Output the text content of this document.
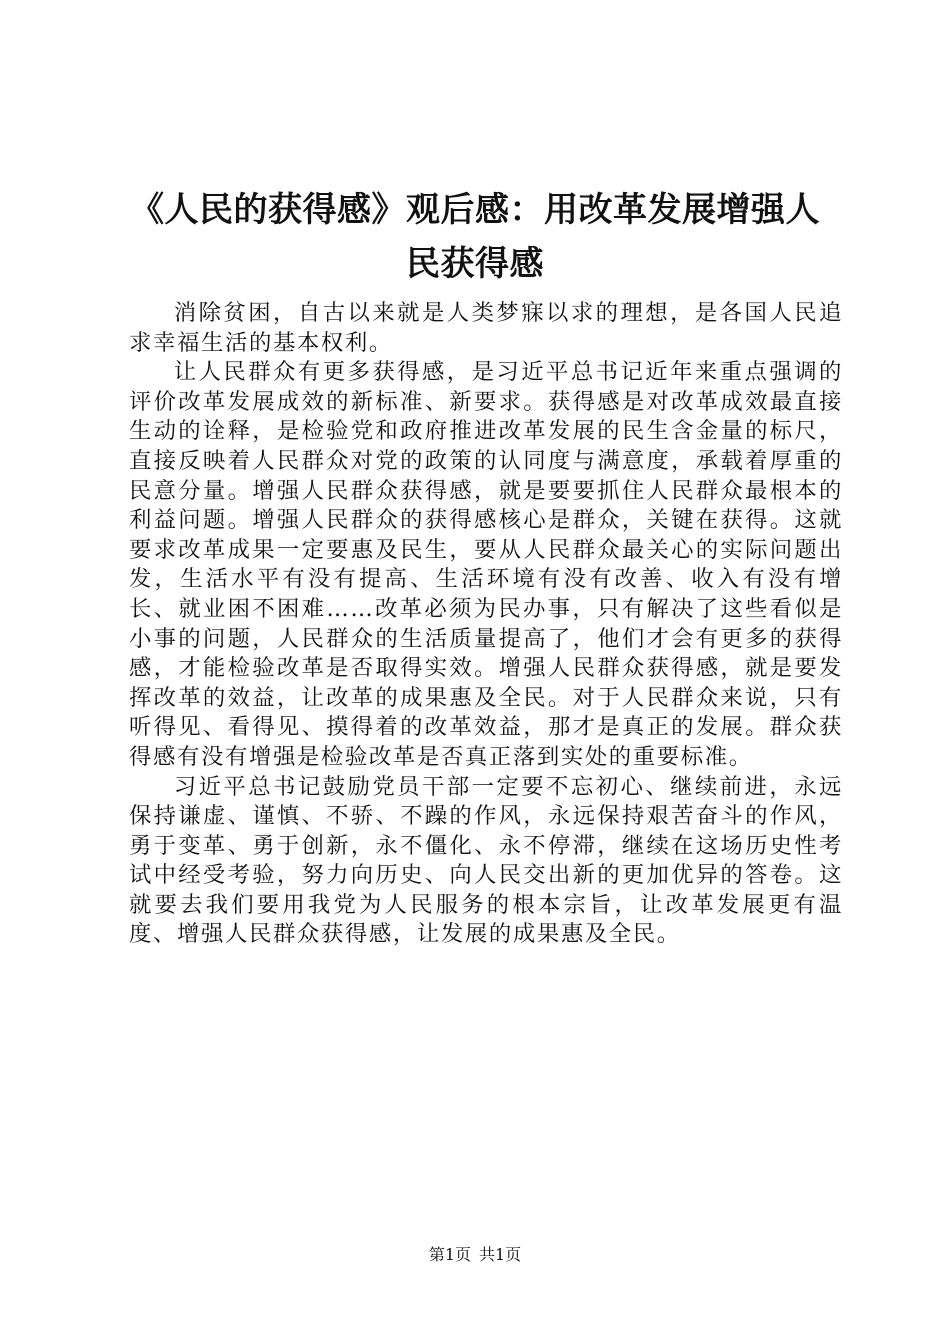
《人民的获得感》观后感：用改革发展增强人民获得感

消除贫困，自古以来就是人类梦寐以求的理想，是各国人民追求幸福生活的基本权利。

让人民群众有更多获得感，是习近平总书记近年来重点强调的评价改革发展成效的新标准、新要求。获得感是对改革成效最直接生动的诠释，是检验党和政府推进改革发展的民生含金量的标尺，直接反映着人民群众对党的政策的认同度与满意度，承载着厚重的民意分量。增强人民群众获得感，就是要要抓住人民群众最根本的利益问题。增强人民群众的获得感核心是群众，关键在获得。这就要求改革成果一定要惠及民生，要从人民群众最关心的实际问题出发，生活水平有没有提高、生活环境有没有改善、收入有没有增长、就业困不困难……改革必须为民办事，只有解决了这些看似是小事的问题，人民群众的生活质量提高了，他们才会有更多的获得感，才能检验改革是否取得实效。增强人民群众获得感，就是要发挥改革的效益，让改革的成果惠及全民。对于人民群众来说，只有听得见、看得见、摸得着的改革效益，那才是真正的发展。群众获得感有没有增强是检验改革是否真正落到实处的重要标准。

习近平总书记鼓励党员干部一定要不忘初心、继续前进，永远保持谦虚、谨慎、不骄、不躁的作风，永远保持艰苦奋斗的作风，勇于变革、勇于创新，永不僵化、永不停滞，继续在这场历史性考试中经受考验，努力向历史、向人民交出新的更加优异的答卷。这就要去我们要用我党为人民服务的根本宗旨，让改革发展更有温度、增强人民群众获得感，让发展的成果惠及全民。

第1页 共1页
